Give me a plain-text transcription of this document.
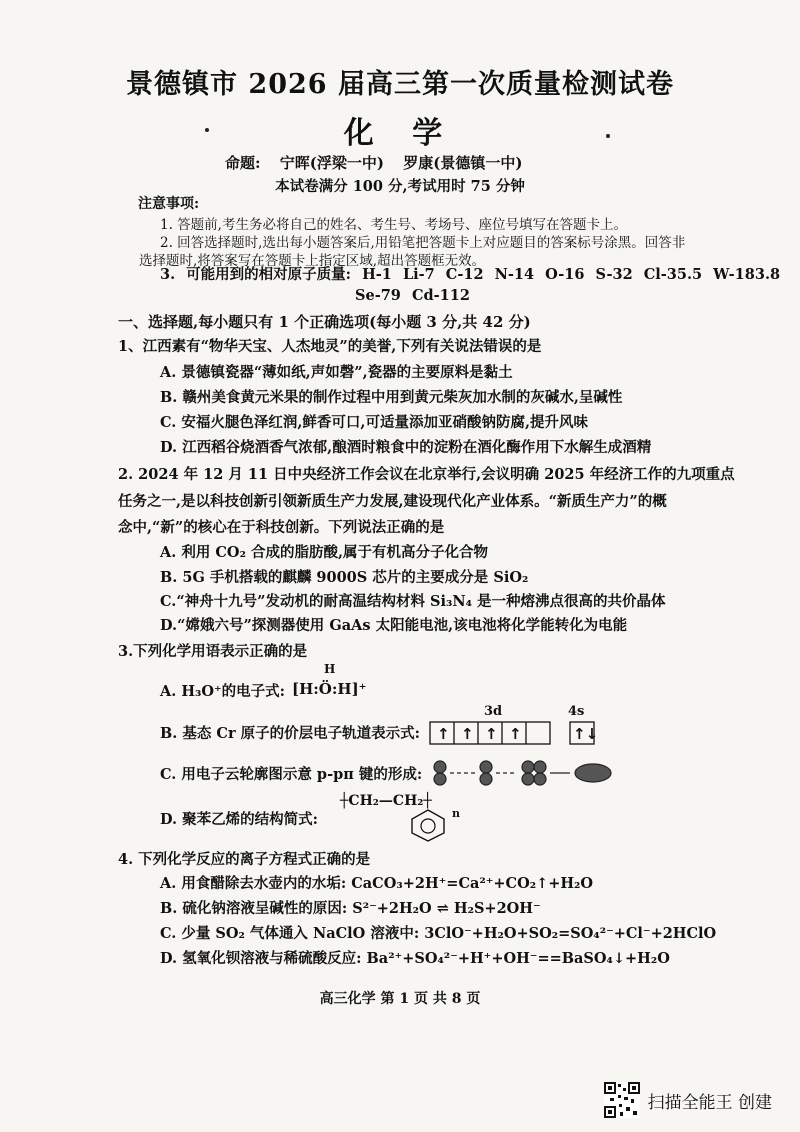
景德镇市 2026 届高三第一次质量检测试卷
化 学
命题: 宁晖(浮梁一中) 罗康(景德镇一中)
本试卷满分 100 分,考试用时 75 分钟
注意事项:
1. 答题前,考生务必将自己的姓名、考生号、考场号、座位号填写在答题卡上。
2. 回答选择题时,选出每小题答案后,用铅笔把答题卡上对应题目的答案标号涂黑。回答非
选择题时,将答案写在答题卡上指定区域,超出答题框无效。
3. 可能用到的相对原子质量: H-1 Li-7 C-12 N-14 O-16 S-32 Cl-35.5 W-183.8
Se-79 Cd-112
一、选择题,每小题只有 1 个正确选项(每小题 3 分,共 42 分)
1、江西素有“物华天宝、人杰地灵”的美誉,下列有关说法错误的是
A. 景德镇瓷器“薄如纸,声如磬”,瓷器的主要原料是黏土
B. 赣州美食黄元米果的制作过程中用到黄元柴灰加水制的灰碱水,呈碱性
C. 安福火腿色泽红润,鲜香可口,可适量添加亚硝酸钠防腐,提升风味
D. 江西稻谷烧酒香气浓郁,酿酒时粮食中的淀粉在酒化酶作用下水解生成酒精
2. 2024 年 12 月 11 日中央经济工作会议在北京举行,会议明确 2025 年经济工作的九项重点
任务之一,是以科技创新引领新质生产力发展,建设现代化产业体系。“新质生产力”的概
念中,“新”的核心在于科技创新。下列说法正确的是
A. 利用 CO₂ 合成的脂肪酸,属于有机高分子化合物
B. 5G 手机搭载的麒麟 9000S 芯片的主要成分是 SiO₂
C.“神舟十九号”发动机的耐高温结构材料 Si₃N₄ 是一种熔沸点很高的共价晶体
D.“嫦娥六号”探测器使用 GaAs 太阳能电池,该电池将化学能转化为电能
3.下列化学用语表示正确的是
A. H₃O⁺的电子式:
H
[H:Ö:H]⁺
B. 基态 Cr 原子的价层电子轨道表示式:
3d	4s
↑ ↑ ↑ ↑	↑↓
C. 用电子云轮廓图示意 p-pπ 键的形成:
D. 聚苯乙烯的结构简式:
┼CH₂—CH₂┼
n
4. 下列化学反应的离子方程式正确的是
A. 用食醋除去水壶内的水垢: CaCO₃+2H⁺=Ca²⁺+CO₂↑+H₂O
B. 硫化钠溶液呈碱性的原因: S²⁻+2H₂O ⇌ H₂S+2OH⁻
C. 少量 SO₂ 气体通入 NaClO 溶液中: 3ClO⁻+H₂O+SO₂=SO₄²⁻+Cl⁻+2HClO
D. 氢氧化钡溶液与稀硫酸反应: Ba²⁺+SO₄²⁻+H⁺+OH⁻==BaSO₄↓+H₂O
高三化学 第 1 页 共 8 页
扫描全能王 创建
